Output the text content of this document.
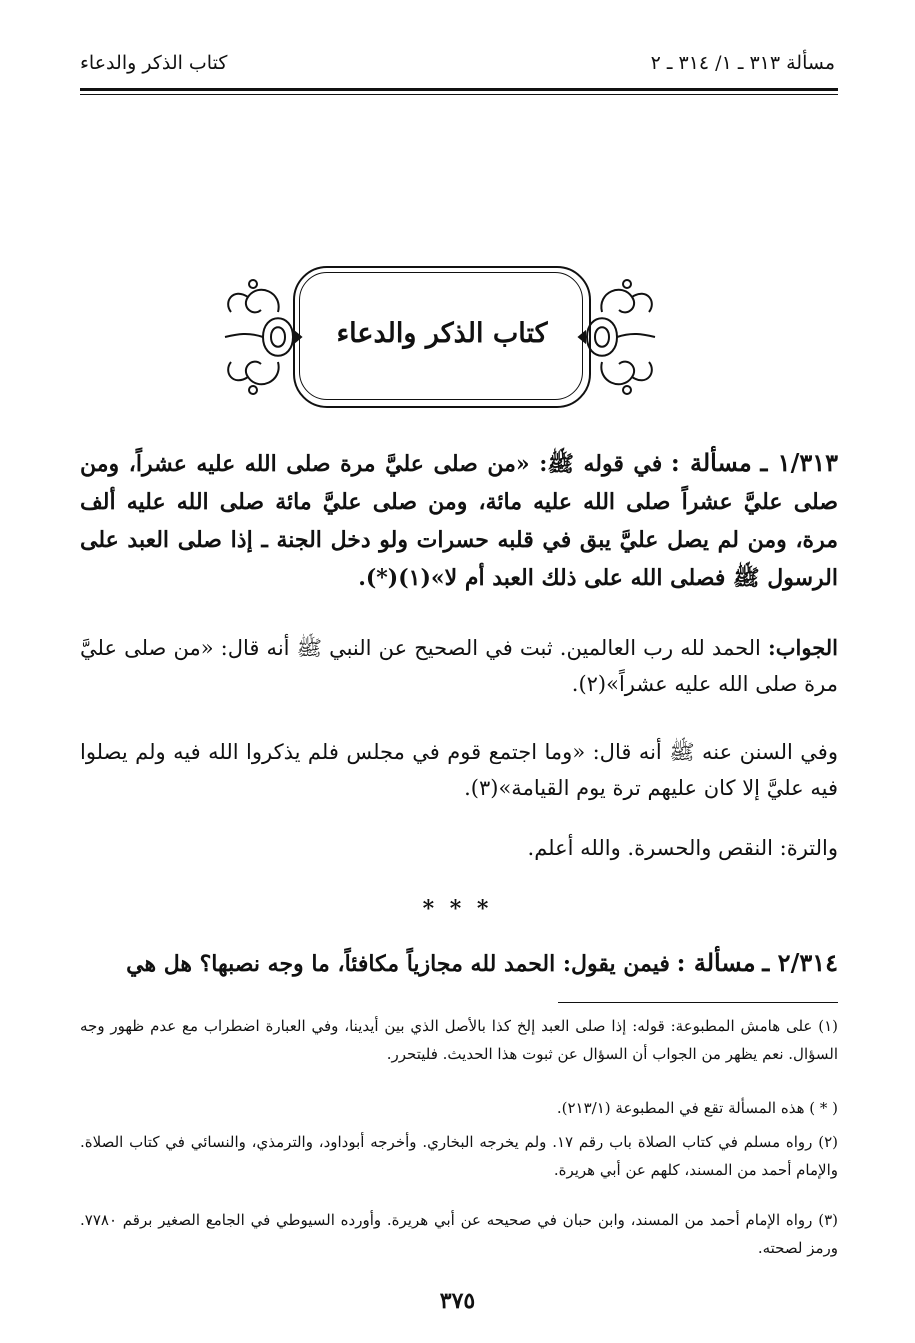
مسألة ٣١٣ ـ ١/ ٣١٤ ـ ٢
كتاب الذكر والدعاء
كتاب الذكر والدعاء
١/٣١٣ ـ مسألة : في قوله ﷺ: «من صلى عليَّ مرة صلى الله عليه عشراً، ومن صلى عليَّ عشراً صلى الله عليه مائة، ومن صلى عليَّ مائة صلى الله عليه ألف مرة، ومن لم يصل عليَّ يبق في قلبه حسرات ولو دخل الجنة ـ إذا صلى العبد على الرسول ﷺ فصلى الله على ذلك العبد أم لا»(١)(*).
الجواب: الحمد لله رب العالمين. ثبت في الصحيح عن النبي ﷺ أنه قال: «من صلى عليَّ مرة صلى الله عليه عشراً»(٢).
وفي السنن عنه ﷺ أنه قال: «وما اجتمع قوم في مجلس فلم يذكروا الله فيه ولم يصلوا فيه عليَّ إلا كان عليهم ترة يوم القيامة»(٣).
والترة: النقص والحسرة. والله أعلم.
* * *
٢/٣١٤ ـ مسألة : فيمن يقول: الحمد لله مجازياً مكافئاً، ما وجه نصبها؟ هل هي
(١) على هامش المطبوعة: قوله: إذا صلى العبد إلخ كذا بالأصل الذي بين أيدينا، وفي العبارة اضطراب مع عدم ظهور وجه السؤال. نعم يظهر من الجواب أن السؤال عن ثبوت هذا الحديث. فليتحرر.
( * ) هذه المسألة تقع في المطبوعة (٢١٣/١).
(٢) رواه مسلم في كتاب الصلاة باب رقم ١٧. ولم يخرجه البخاري. وأخرجه أبوداود، والترمذي، والنسائي في كتاب الصلاة. والإمام أحمد من المسند، كلهم عن أبي هريرة.
(٣) رواه الإمام أحمد من المسند، وابن حبان في صحيحه عن أبي هريرة. وأورده السيوطي في الجامع الصغير برقم ٧٧٨٠. ورمز لصحته.
٣٧٥
